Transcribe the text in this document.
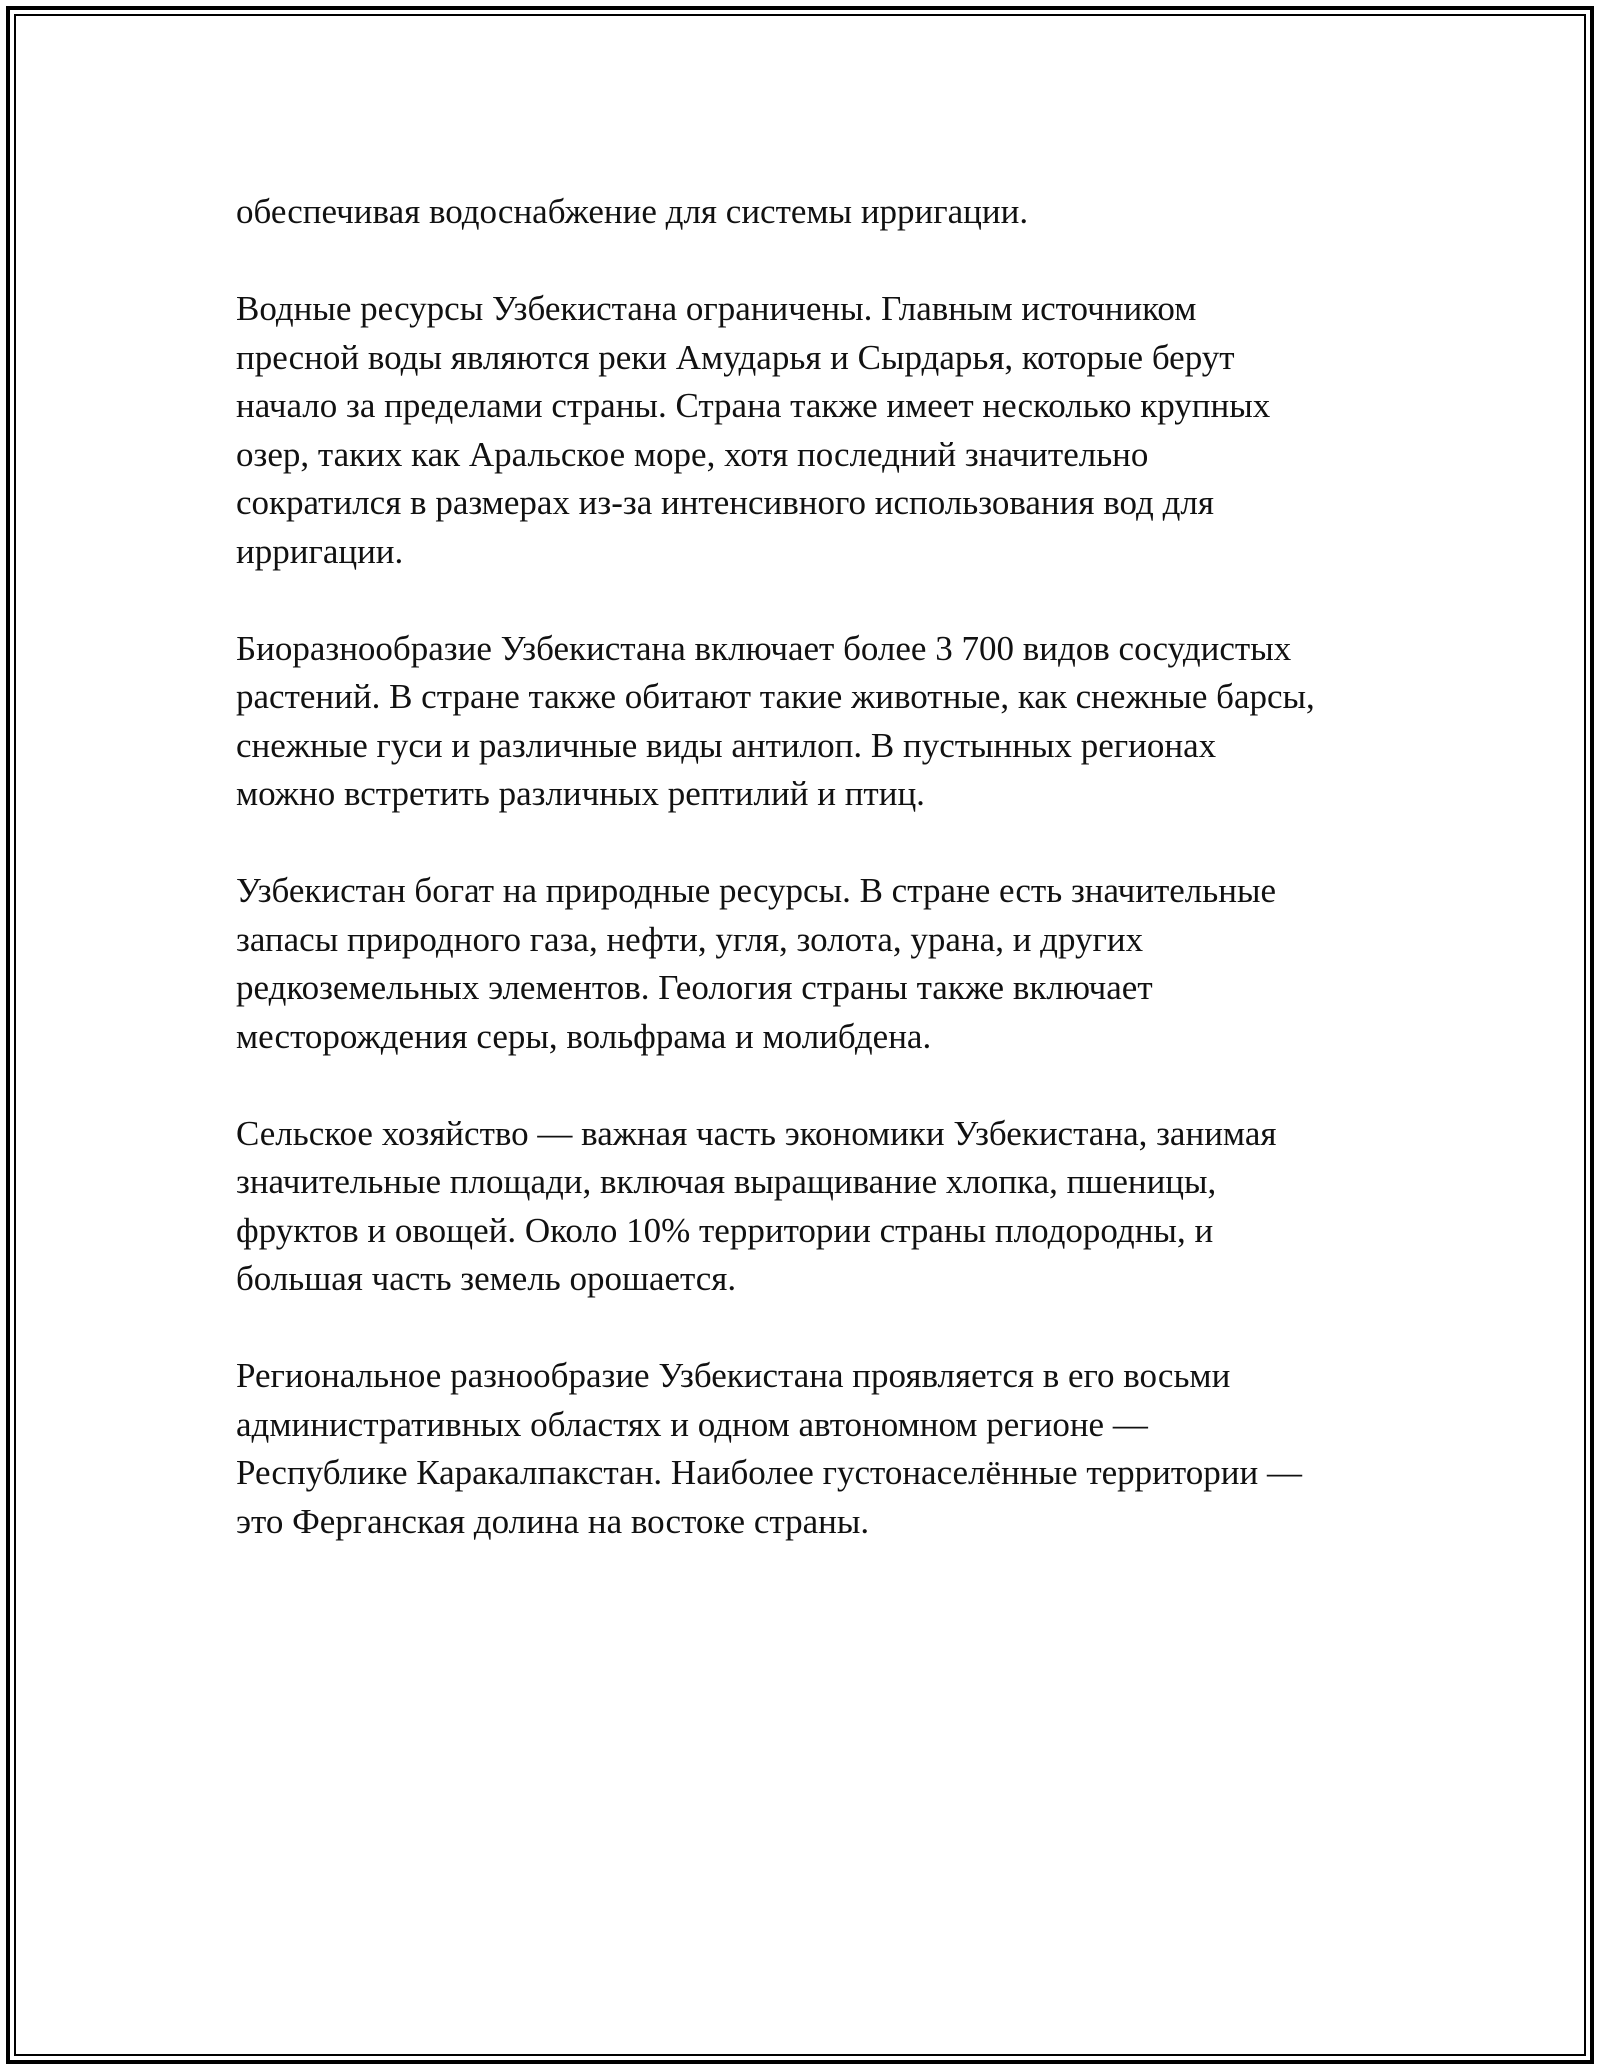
обеспечивая водоснабжение для системы ирригации.

Водные ресурсы Узбекистана ограничены. Главным источником
пресной воды являются реки Амударья и Сырдарья, которые берут
начало за пределами страны. Страна также имеет несколько крупных
озер, таких как Аральское море, хотя последний значительно
сократился в размерах из-за интенсивного использования вод для
ирригации.

Биоразнообразие Узбекистана включает более 3 700 видов сосудистых
растений. В стране также обитают такие животные, как снежные барсы,
снежные гуси и различные виды антилоп. В пустынных регионах
можно встретить различных рептилий и птиц.

Узбекистан богат на природные ресурсы. В стране есть значительные
запасы природного газа, нефти, угля, золота, урана, и других
редкоземельных элементов. Геология страны также включает
месторождения серы, вольфрама и молибдена.

Сельское хозяйство — важная часть экономики Узбекистана, занимая
значительные площади, включая выращивание хлопка, пшеницы,
фруктов и овощей. Около 10% территории страны плодородны, и
большая часть земель орошается.

Региональное разнообразие Узбекистана проявляется в его восьми
административных областях и одном автономном регионе —
Республике Каракалпакстан. Наиболее густонаселённые территории —
это Ферганская долина на востоке страны.
